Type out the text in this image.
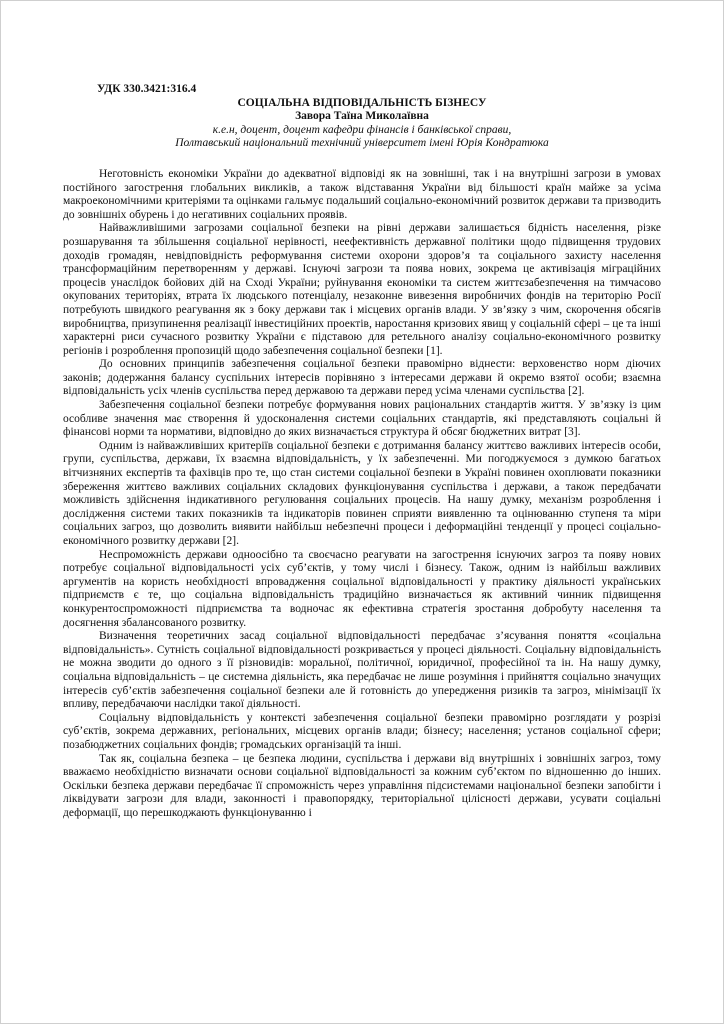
УДК 330.3421:316.4

СОЦІАЛЬНА ВІДПОВІДАЛЬНІСТЬ БІЗНЕСУ

Завора Таїна Миколаївна

к.е.н, доцент, доцент кафедри фінансів і банківської справи,

Полтавський національний технічний університет імені Юрія Кондратюка

Неготовність економіки України до адекватної відповіді як на зовнішні, так і на внутрішні загрози в умовах постійного загострення глобальних викликів, а також відставання України від більшості країн майже за усіма макроекономічними критеріями та оцінками гальмує подальший соціально-економічний розвиток держави та призводить до зовнішніх обурень і до негативних соціальних проявів.

Найважливішими загрозами соціальної безпеки на рівні держави залишається бідність населення, різке розшарування та збільшення соціальної нерівності, неефективність державної політики щодо підвищення трудових доходів громадян, невідповідність реформування системи охорони здоров’я та соціального захисту населення трансформаційним перетворенням у державі. Існуючі загрози та поява нових, зокрема це активізація міграційних процесів унаслідок бойових дій на Сході України; руйнування економіки та систем життєзабезпечення на тимчасово окупованих територіях, втрата їх людського потенціалу, незаконне вивезення виробничих фондів на територію Росії потребують швидкого реагування як з боку держави так і місцевих органів влади. У зв’язку з чим, скорочення обсягів виробництва, призупинення реалізації інвестиційних проектів, наростання кризових явищ у соціальній сфері – це та інші характерні риси сучасного розвитку України є підставою для ретельного аналізу соціально-економічного розвитку регіонів і розроблення пропозицій щодо забезпечення соціальної безпеки [1].

До основних принципів забезпечення соціальної безпеки правомірно віднести: верховенство норм діючих законів; додержання балансу суспільних інтересів порівняно з інтересами держави й окремо взятої особи; взаємна відповідальність усіх членів суспільства перед державою та держави перед усіма членами суспільства [2].

Забезпечення соціальної безпеки потребує формування нових раціональних стандартів життя. У зв’язку із цим особливе значення має створення й удосконалення системи соціальних стандартів, які представляють соціальні й фінансові норми та нормативи, відповідно до яких визначається структура й обсяг бюджетних витрат [3].

Одним із найважливіших критеріїв соціальної безпеки є дотримання балансу життєво важливих інтересів особи, групи, суспільства, держави, їх взаємна відповідальність, у їх забезпеченні. Ми погоджуємося з думкою багатьох вітчизняних експертів та фахівців про те, що стан системи соціальної безпеки в Україні повинен охоплювати показники збереження життєво важливих соціальних складових функціонування суспільства і держави, а також передбачати можливість здійснення індикативного регулювання соціальних процесів. На нашу думку, механізм розроблення і дослідження системи таких показників та індикаторів повинен сприяти виявленню та оцінюванню ступеня та міри соціальних загроз, що дозволить виявити найбільш небезпечні процеси і деформаційні тенденції у процесі соціально-економічного розвитку держави [2].

Неспроможність держави одноосібно та своєчасно реагувати на загострення існуючих загроз та появу нових потребує соціальної відповідальності усіх суб’єктів, у тому числі і бізнесу. Також, одним із найбільш важливих аргументів на користь необхідності впровадження соціальної відповідальності у практику діяльності українських підприємств є те, що соціальна відповідальність традиційно визначається як активний чинник підвищення конкурентоспроможності підприємства та водночас як ефективна стратегія зростання добробуту населення та досягнення збалансованого розвитку.

Визначення теоретичних засад соціальної відповідальності передбачає з’ясування поняття «соціальна відповідальність». Сутність соціальної відповідальності розкривається у процесі діяльності. Соціальну відповідальність не можна зводити до одного з її різновидів: моральної, політичної, юридичної, професійної та ін. На нашу думку, соціальна відповідальність – це системна діяльність, яка передбачає не лише розуміння і прийняття соціально значущих інтересів суб’єктів забезпечення соціальної безпеки але й готовність до упередження ризиків та загроз, мінімізації їх впливу, передбачаючи наслідки такої діяльності.

Соціальну відповідальність у контексті забезпечення соціальної безпеки правомірно розглядати у розрізі суб’єктів, зокрема державних, регіональних, місцевих органів влади; бізнесу; населення; установ соціальної сфери; позабюджетних соціальних фондів; громадських організацій та інші.

Так як, соціальна безпека – це безпека людини, суспільства і держави від внутрішніх і зовнішніх загроз, тому вважаємо необхідністю визначати основи соціальної відповідальності за кожним суб’єктом по відношенню до інших. Оскільки безпека держави передбачає її спроможність через управління підсистемами національної безпеки запобігти і ліквідувати загрози для влади, законності і правопорядку, територіальної цілісності держави, усувати соціальні деформації, що перешкоджають функціонуванню і
